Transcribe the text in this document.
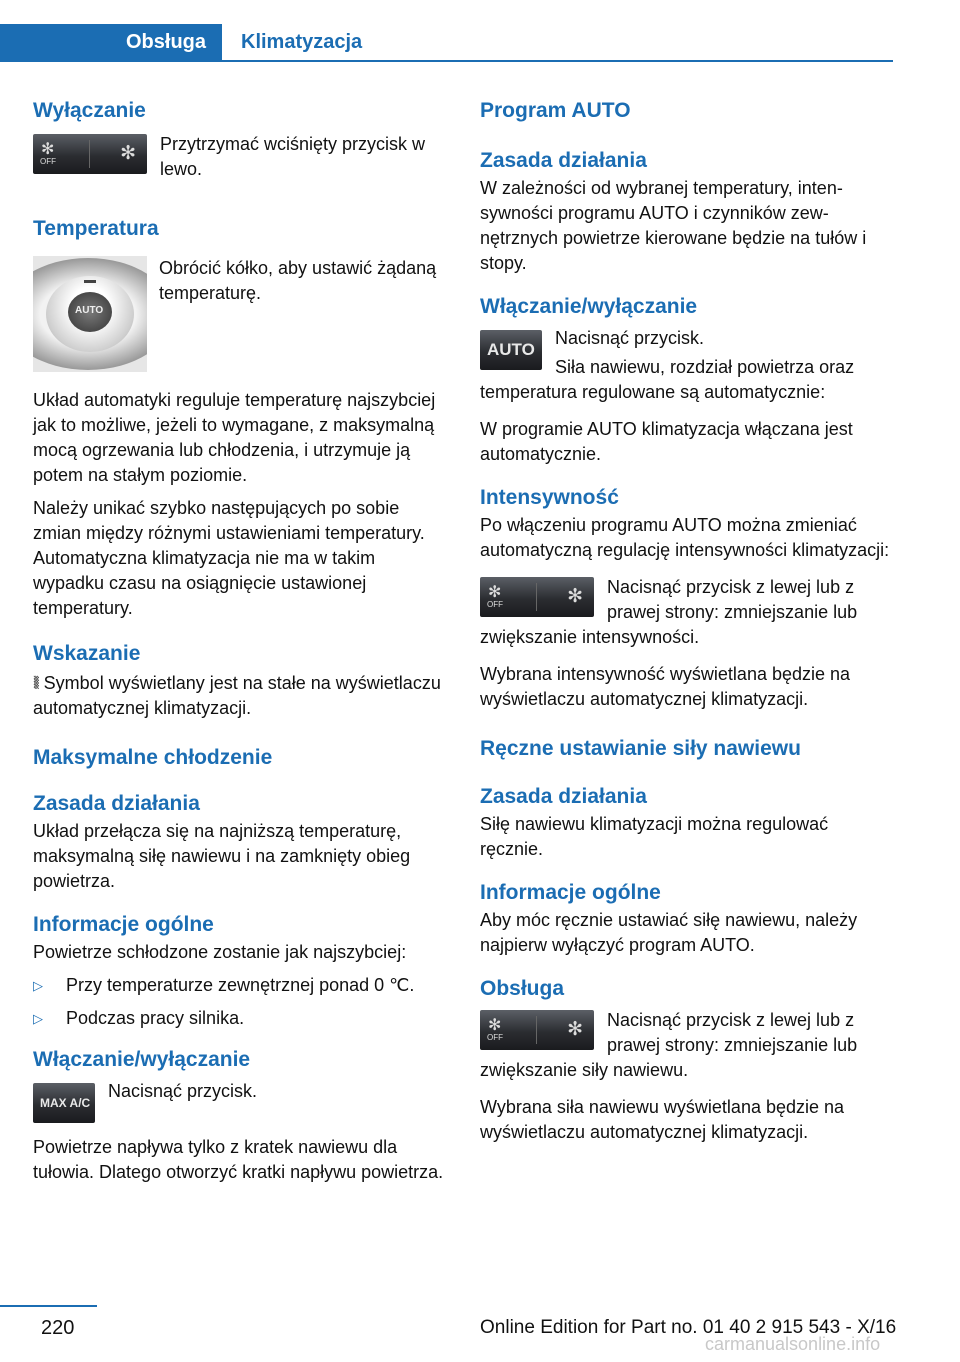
Obsługa Klimatyzacja
Wyłączanie
✻
OFF	✻	Przytrzymać wciśnięty przycisk w lewo.

Temperatura
AUTO

Obrócić kółko, aby ustawić żądaną temperaturę.

Układ automatyki reguluje temperaturę najszybciej jak to możliwe, jeżeli to wymagane, z maksymalną mocą ogrzewania lub chłodzenia, i utrzymuje ją potem na stałym poziomie.

Należy unikać szybko następujących po sobie zmian między różnymi ustawieniami temperatury. Automatyczna klimatyzacja nie ma w takim wypadku czasu na osiągnięcie ustawionej temperatury.

Wskazanie

⦚⦚⦚ Symbol wyświetlany jest na stałe na wyświetlaczu automatycznej klimatyzacji.

Maksymalne chłodzenie
Zasada działania

Układ przełącza się na najniższą temperaturę, maksymalną siłę nawiewu i na zamknięty obieg powietrza.

Informacje ogólne

Powietrze schłodzone zostanie jak najszybciej:

▷ Przy temperaturze zewnętrznej ponad 0 ℃.
▷ Podczas pracy silnika.
Włączanie/wyłączanie
MAX A/C

Nacisnąć przycisk.

Powietrze napływa tylko z kratek nawiewu dla tułowia. Dlatego otworzyć kratki napływu powietrza.

Program AUTO
Zasada działania

W zależności od wybranej temperatury, intensywności programu AUTO i czynników zewnętrznych powietrze kierowane będzie na tułów i stopy.

Włączanie/wyłączanie
AUTO

Nacisnąć przycisk.

Siła nawiewu, rozdział powietrza oraz temperatura regulowane są automatycznie:

W programie AUTO klimatyzacja włączana jest automatycznie.

Intensywność

Po włączeniu programu AUTO można zmieniać automatyczną regulację intensywności klimatyzacji:

✻
OFF	✻	Nacisnąć przycisk z lewej lub z prawej strony: zmniejszanie lub zwiększanie intensywności.

Wybrana intensywność wyświetlana będzie na wyświetlaczu automatycznej klimatyzacji.

Ręczne ustawianie siły nawiewu
Zasada działania

Siłę nawiewu klimatyzacji można regulować ręcznie.

Informacje ogólne

Aby móc ręcznie ustawiać siłę nawiewu, należy najpierw wyłączyć program AUTO.

Obsługa
✻
OFF	✻	Nacisnąć przycisk z lewej lub z prawej strony: zmniejszanie lub zwiększanie siły nawiewu.

Wybrana siła nawiewu wyświetlana będzie na wyświetlaczu automatycznej klimatyzacji.

220	Online Edition for Part no. 01 40 2 915 543 - X/16
carmanualsonline.info
